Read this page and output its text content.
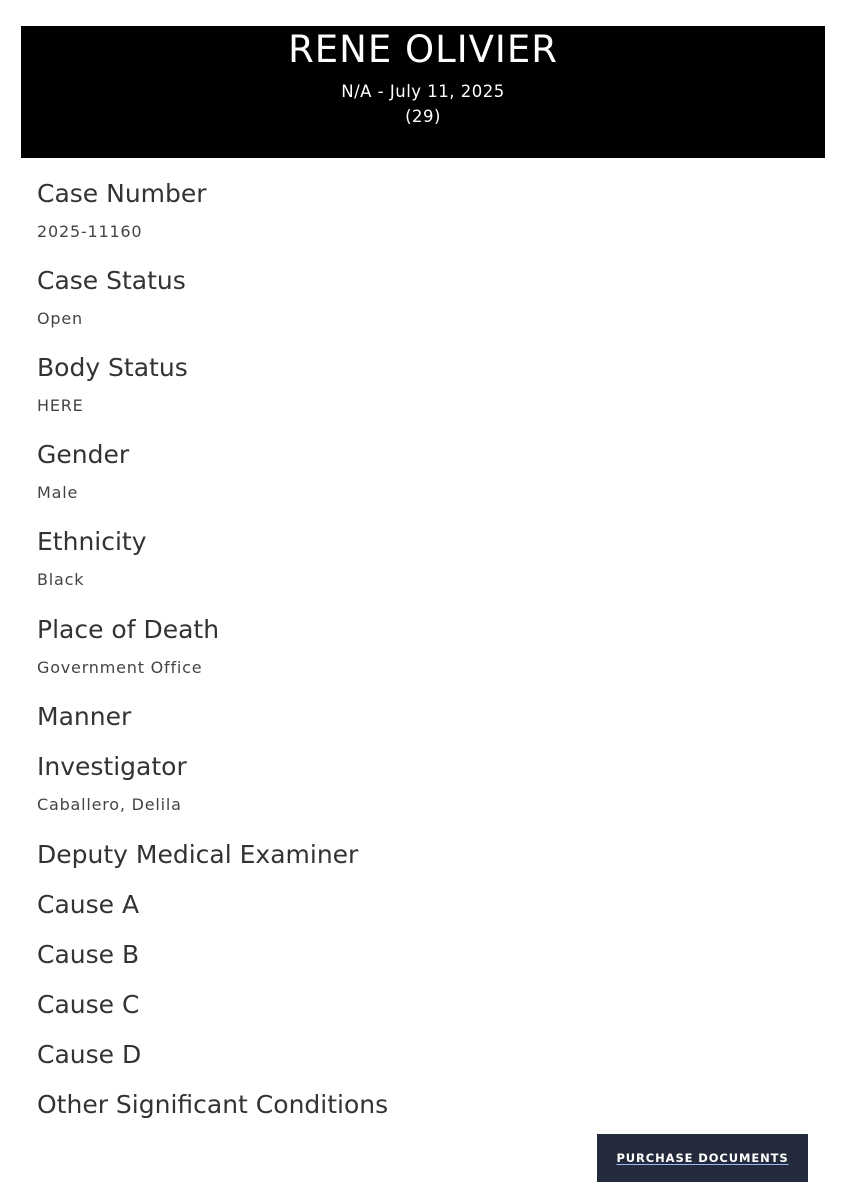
RENE OLIVIER
N/A - July 11, 2025
(29)
Case Number
2025-11160
Case Status
Open
Body Status
HERE
Gender
Male
Ethnicity
Black
Place of Death
Government Office
Manner
Investigator
Caballero, Delila
Deputy Medical Examiner
Cause A
Cause B
Cause C
Cause D
Other Significant Conditions
PURCHASE DOCUMENTS
